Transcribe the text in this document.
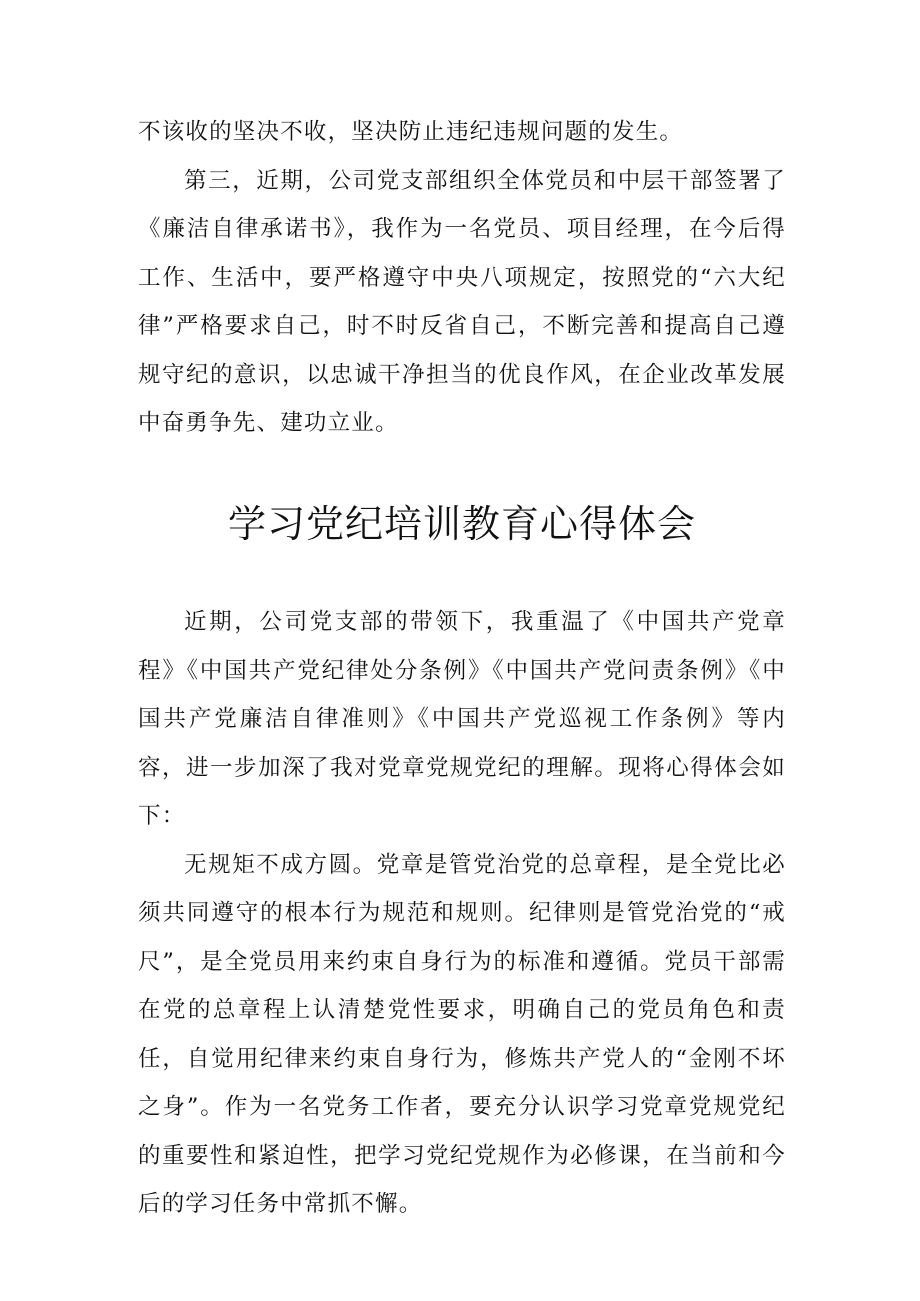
不该收的坚决不收，坚决防止违纪违规问题的发生。

第三，近期，公司党支部组织全体党员和中层干部签署了《廉洁自律承诺书》，我作为一名党员、项目经理，在今后得工作、生活中，要严格遵守中央八项规定，按照党的“六大纪律”严格要求自己，时不时反省自己，不断完善和提高自己遵规守纪的意识，以忠诚干净担当的优良作风，在企业改革发展中奋勇争先、建功立业。

学习党纪培训教育心得体会

近期，公司党支部的带领下，我重温了《中国共产党章程》《中国共产党纪律处分条例》《中国共产党问责条例》《中国共产党廉洁自律准则》《中国共产党巡视工作条例》等内容，进一步加深了我对党章党规党纪的理解。现将心得体会如下：

无规矩不成方圆。党章是管党治党的总章程，是全党比必须共同遵守的根本行为规范和规则。纪律则是管党治党的“戒尺”，是全党员用来约束自身行为的标准和遵循。党员干部需在党的总章程上认清楚党性要求，明确自己的党员角色和责任，自觉用纪律来约束自身行为，修炼共产党人的“金刚不坏之身”。作为一名党务工作者，要充分认识学习党章党规党纪的重要性和紧迫性，把学习党纪党规作为必修课，在当前和今后的学习任务中常抓不懈。
